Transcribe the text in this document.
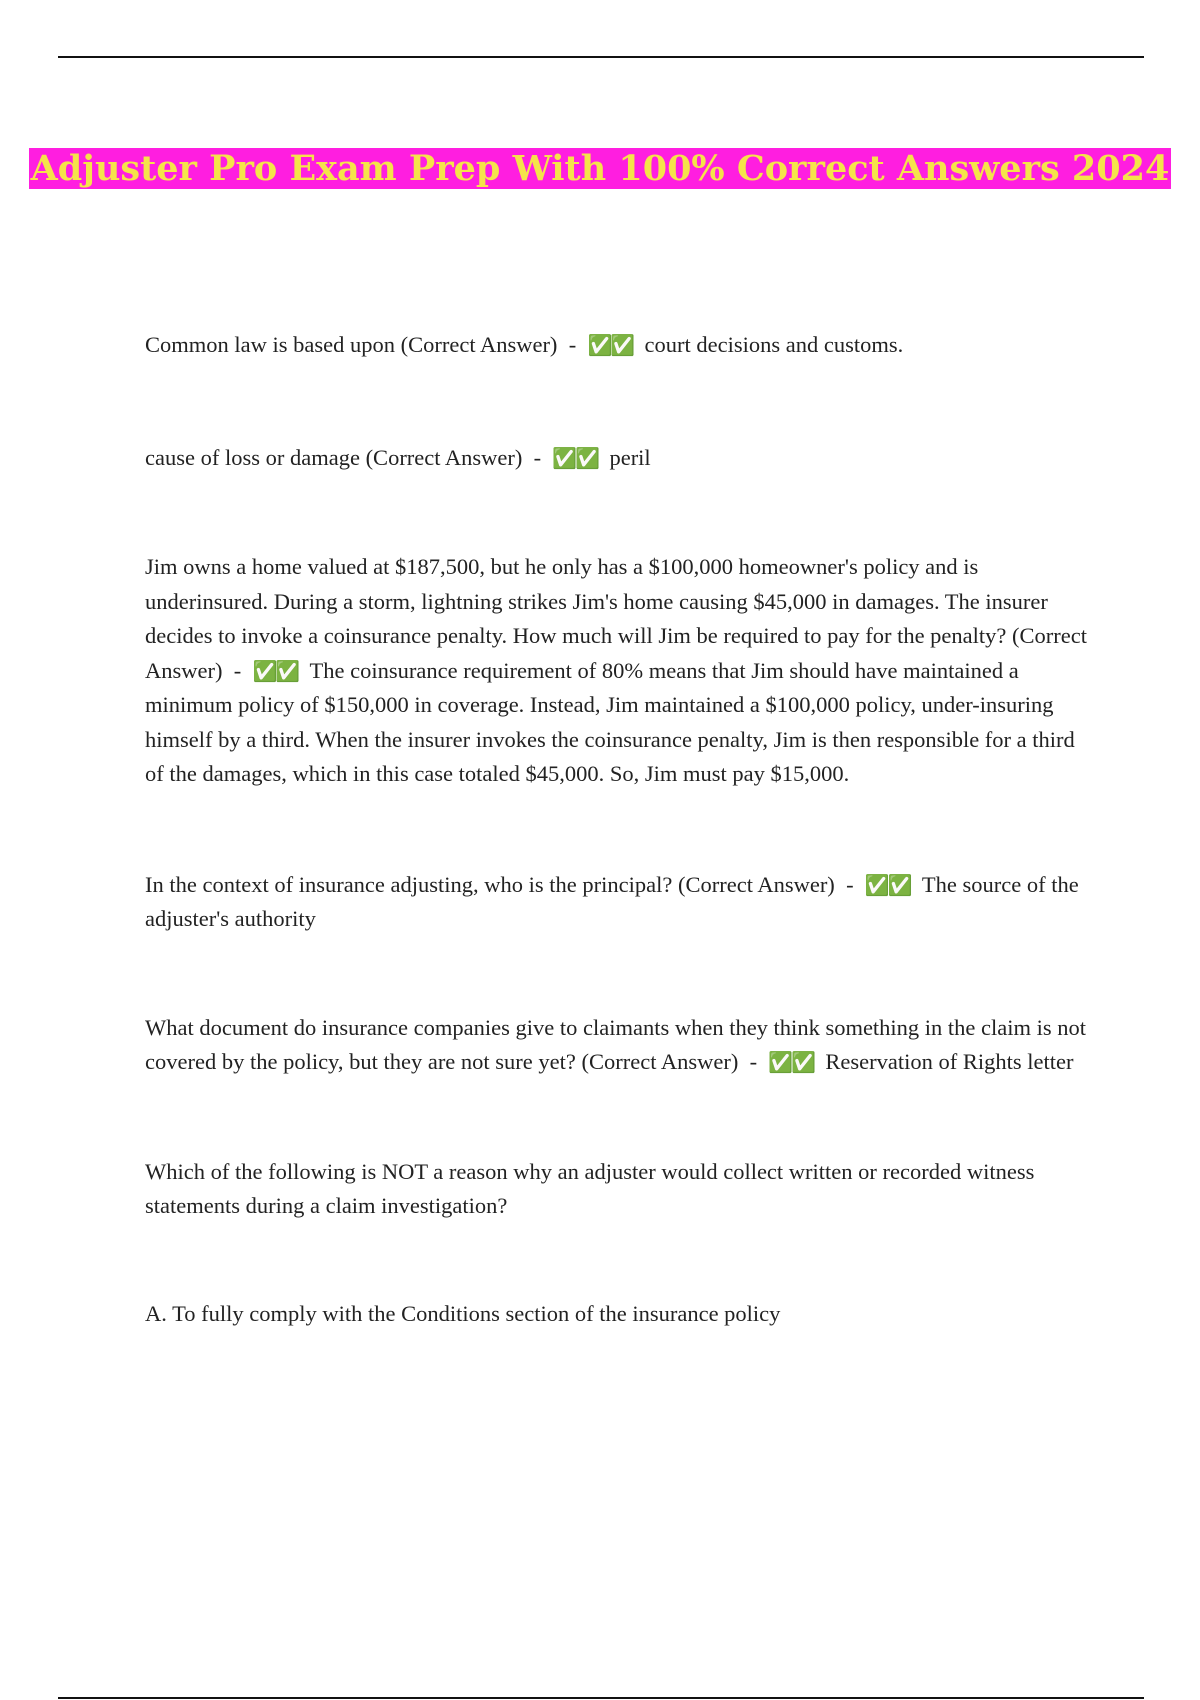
Adjuster Pro Exam Prep With 100% Correct Answers 2024

Common law is based upon (Correct Answer) - ✅✅ court decisions and customs.

cause of loss or damage (Correct Answer) - ✅✅ peril

Jim owns a home valued at $187,500, but he only has a $100,000 homeowner's policy and is underinsured. During a storm, lightning strikes Jim's home causing $45,000 in damages. The insurer decides to invoke a coinsurance penalty. How much will Jim be required to pay for the penalty? (Correct Answer) - ✅✅ The coinsurance requirement of 80% means that Jim should have maintained a minimum policy of $150,000 in coverage. Instead, Jim maintained a $100,000 policy, under-insuring himself by a third. When the insurer invokes the coinsurance penalty, Jim is then responsible for a third of the damages, which in this case totaled $45,000. So, Jim must pay $15,000.

In the context of insurance adjusting, who is the principal? (Correct Answer) - ✅✅ The source of the adjuster's authority

What document do insurance companies give to claimants when they think something in the claim is not covered by the policy, but they are not sure yet? (Correct Answer) - ✅✅ Reservation of Rights letter

Which of the following is NOT a reason why an adjuster would collect written or recorded witness statements during a claim investigation?

A. To fully comply with the Conditions section of the insurance policy
